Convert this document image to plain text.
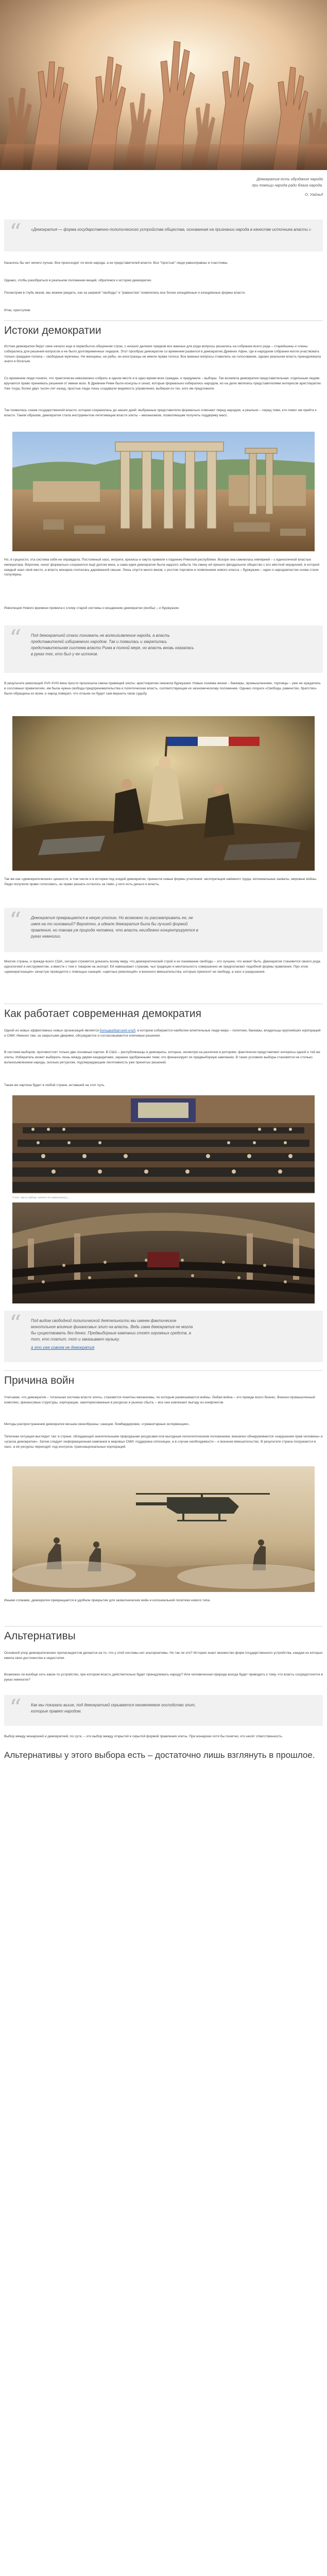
Демократия есть обуздание народа

при помощи народа ради блага народа.

О. Уайльд

“ «Демократия — форма государственно-политического устройства общества, основанная на признании народа в качестве источника власти.»

Казалось бы нет ничего лучше. Все происходит по воле народа, а не представителей власти. Все "простые" люди равноправны и счастливы.

Однако, чтобы разобраться в реальном положении вещей, обратимся к истории демократии.

Посмотрим в глубь веков, мы можем увидеть, как за ширмой "свободы" и "равенства" появлялись все более изощрённые и изощрённые формы власти.

Итак, приступим.

Истоки демократии

Истоки демократии берут свое начало еще в первобытно-общинном строе, с низших далеких предков все важные для рода вопросы решались на собрании всего рода – старейшины и члены собирались для решения вопросов и не было долговременных лидеров. Этот прообраз демократии со временем развился в демократию Древних Афин, где в народном собрании могли участвовать только граждане полиса – свободные мужчины. Ни женщины, ни рабы, ни иностранцы не имели права голоса. Все важные вопросы ставились на голосование, однако реальная власть принадлежала знати и богатым.

Со временем люди поняли, что практически невозможно собрать в одном месте и в одно время всех граждан, и придумали – выборы. Так возникла демократия представительная: отдельным людям вручается право принимать решения от имени всех. В Древнем Риме были консулы и сенат, которые формально избирались народом, но на деле являлись представителями интересов аристократии. Уже тогда, более двух тысяч лет назад, простые люди лишь создавали видимость управления, выбирая из тех, кого им предложили.

Так появилась схема государственной власти, которая сохранилась до наших дней: выбранные представители формально отвечают перед народом, а реально – перед теми, кто помог им прийти к власти. Таким образом, демократия стала инструментом легитимации власти элиты – механизмом, позволяющим получить поддержку масс.

Но, в сущности, эта система себя не оправдала. Постоянный хаос, интриги, кризисы и смута привели к падению Римской республики. Вскоре она сменилась империей – с единоличной властью императора. Впрочем, сенат формально сохранялся ещё долгие века, а сама идея демократии была надолго забыта. На смену ей пришло феодальное общество с его жёсткой иерархией, в которой каждый знал своё место, а власть монарха считалась дарованной свыше. Лишь спустя много веков, с ростом торговли и появлением нового класса – буржуазии – идеи о народовластии снова стали популярны.

Революция Нового времени привела к слому старой системы и воцарению демократии (якобы) – и буржуазии.

“ Под демократией стали понимать не волеизъявление народа, а власть представителей избираемого народом. Так и появилась и закрепилась представительная система власти Рима в полной мере, но власть вновь оказалась в руках тех, кто был у ее истоков.

В результате революций XVII-XVIII века просто произошла смена правящей элиты: аристократию сменила буржуазия. Новые хозяева жизни – банкиры, промышленники, торговцы – уже не нуждались в сословных привилегиях, им была нужна свобода предпринимательства и политическая власть, соответствующая их экономическому положению. Однако лозунги «Свобода, равенство, братство» были обращены ко всем, и народ поверил, что отныне он будет сам вершить свою судьбу.

Так же как «демократические» ценности, в том числе и в истории под эгидой демократии, принесли новые формы угнетения: эксплуатация наёмного труда, колониальные захваты, мировые войны. Люди получили право голосовать, но право решать осталось за теми, у кого есть деньги и власть.

“ Демократия превращается в некую утопию. Но возможно ли рассматривать ее, не имея на то оснований? Вероятно, в идеале демократия была бы лучшей формой правления, но такова уж природа человека, что власть неизбежно концентрируется в руках немногих.

Многие страны, и прежде всего США, сегодня стремятся доказать всему миру, что демократический строй и их понимание свободы – это лучшее, что может быть. Демократия становится своего рода идеологией и инструментом, а вместе с тем и товаром на экспорт. Её навязывают странам, чьи традиции и ментальность совершенно не предполагают подобной формы правления. При этом «демократизация» зачастую проводится с помощью санкций, «цветных революций» и военного вмешательства, которые приносят не свободу, а хаос и разрушения.

Как работает современная демократия

Одной из новых эффективных новых организаций является Бильдербергский клуб, в котором собираются наиболее влиятельные люди мира – политики, банкиры, владельцы крупнейших корпораций и СМИ. Именно там, за закрытыми дверями, обсуждаются и согласовываются ключевые решения.

В системе выборов, противостоят только две основные партии. В США – республиканцы и демократы, которые, несмотря на различия в риторике, фактически представляют интересы одной и той же элиты. Избиратель может выбирать лишь между двумя кандидатами, заранее одобренными теми, кто финансирует их предвыборную кампанию. В таких условиях выборы становятся не столько волеизъявлением народа, сколько ритуалом, подтверждающим легитимность уже принятых решений.

Такая же картина будет в любой стране, вставшей на этот путь.

Стоп, так и сейчас ничего не изменилось...
“ Под видом свободной политической деятельности мы имеем фактическое монопольное влияние финансовых элит на власть. Ведь сама демократия не могла бы существовать без денег. Предвыборные кампании стоят огромных средств, а тот, кто платит, тот и заказывает музыку.

а это уже совсем не демократия

Причина войн

Учитывая, что демократия – тотальная система власти элиты, становятся понятны механизмы, по которым развязываются войны. Любая война – это прежде всего бизнес. Военно-промышленный комплекс, финансовые структуры, корпорации, заинтересованные в ресурсах и рынках сбыта, – все они извлекают выгоду из конфликтов.

Методы распространения демократии весьма своеобразны: санкции, бомбардировки, «гуманитарные интервенции».

Типичная ситуация выглядит так: в стране, обладающей значительными природными ресурсами или выгодным геополитическим положением, внезапно обнаруживаются «нарушения прав человека» и «угроза демократии». Затем следует информационная кампания в мировых СМИ, поддержка оппозиции, а в случае необходимости – и военное вмешательство. В результате страна погружается в хаос, а её ресурсы переходят под контроль транснациональных корпораций.

Иными словами, демократия превращается в удобное прикрытие для захватнических войн и колониальной политики нового типа.

Альтернативы

Основной упор демократических пропагандистов делается на то, что у этой системы нет альтернативы. Но так ли это? История знает множество форм государственного устройства, каждая из которых имела свои достоинства и недостатки.

Возможно ли вообще хоть какое-то устройство, при котором власть действительно будет принадлежать народу? Или человеческая природа всегда будет приводить к тому, что власть сосредоточится в руках немногих?

“ Как мы показали выше, под демократией скрывается несменяемое господство элит, которые правят народом.

Выбор между монархией и демократией, по сути, – это выбор между открытой и скрытой формой правления элиты. При монархии хотя бы понятно, кто несёт ответственность.

Альтернативы у этого выбора есть – достаточно лишь взглянуть в прошлое.
